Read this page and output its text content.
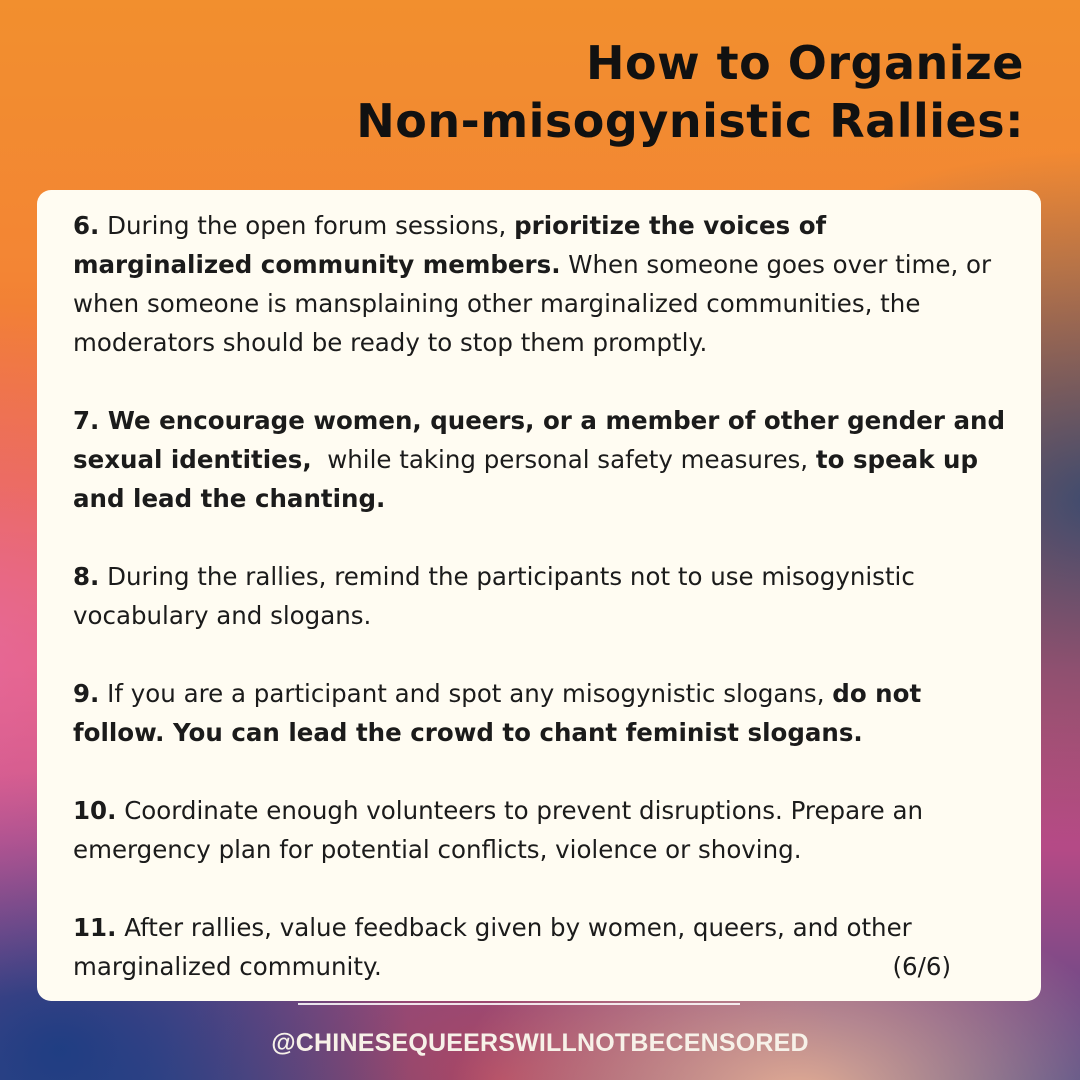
How to Organize
Non-misogynistic Rallies:

6. During the open forum sessions, prioritize the voices of marginalized community members. When someone goes over time, or when someone is mansplaining other marginalized communities, the moderators should be ready to stop them promptly.

7. We encourage women, queers, or a member of other gender and sexual identities,  while taking personal safety measures, to speak up and lead the chanting.

8. During the rallies, remind the participants not to use misogynistic vocabulary and slogans.

9. If you are a participant and spot any misogynistic slogans, do not follow. You can lead the crowd to chant feminist slogans.

10. Coordinate enough volunteers to prevent disruptions. Prepare an emergency plan for potential conflicts, violence or shoving.

11. After rallies, value feedback given by women, queers, and other marginalized community.	(6/6)

@CHINESEQUEERSWILLNOTBECENSORED
